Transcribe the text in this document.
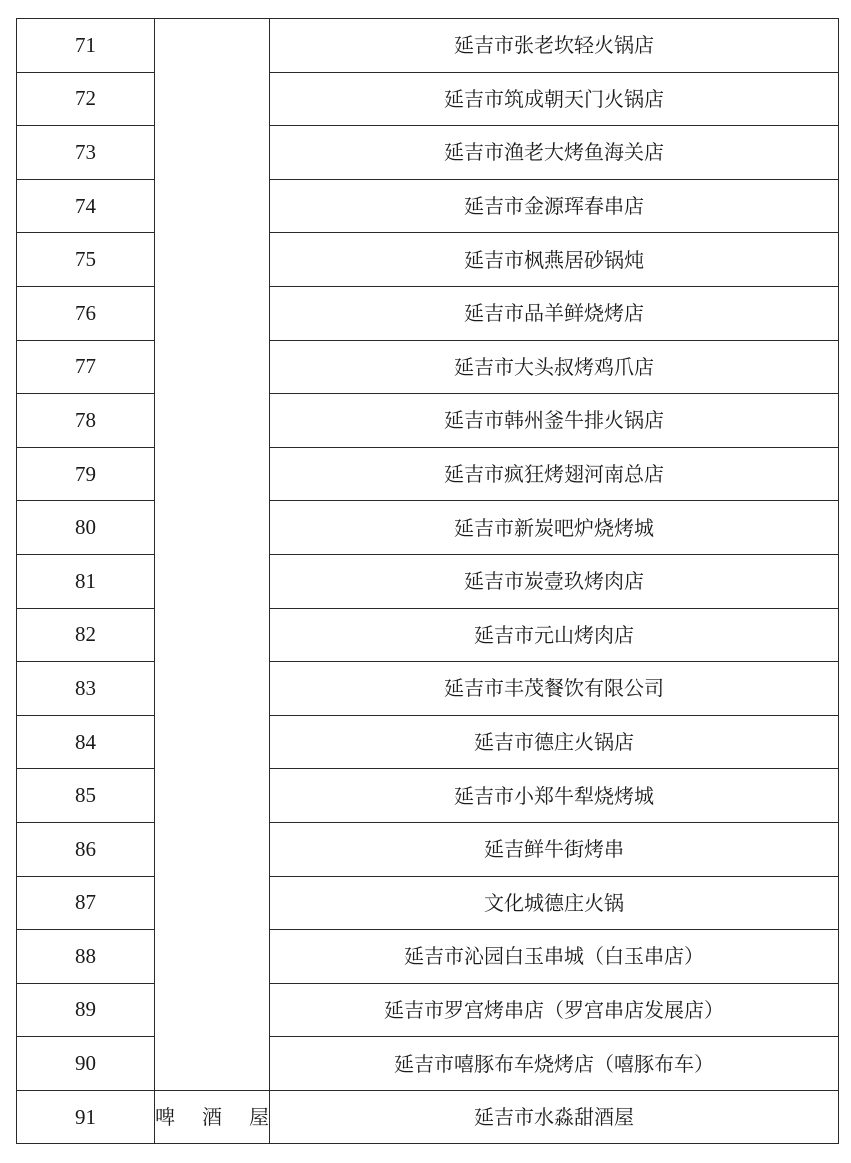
71		延吉市张老坎轻火锅店
72		延吉市筑成朝天门火锅店
73		延吉市渔老大烤鱼海关店
74		延吉市金源珲春串店
75		延吉市枫燕居砂锅炖
76		延吉市品羊鲜烧烤店
77		延吉市大头叔烤鸡爪店
78		延吉市韩州釜牛排火锅店
79		延吉市疯狂烤翅河南总店
80		延吉市新炭吧炉烧烤城
81		延吉市炭壹玖烤肉店
82		延吉市元山烤肉店
83		延吉市丰茂餐饮有限公司
84		延吉市德庄火锅店
85		延吉市小郑牛犁烧烤城
86		延吉鲜牛街烤串
87		文化城德庄火锅
88		延吉市沁园白玉串城（白玉串店）
89		延吉市罗宫烤串店（罗宫串店发展店）
90		延吉市嘻豚布车烧烤店（嘻豚布车）
91	啤 酒 屋	延吉市水淼甜酒屋
